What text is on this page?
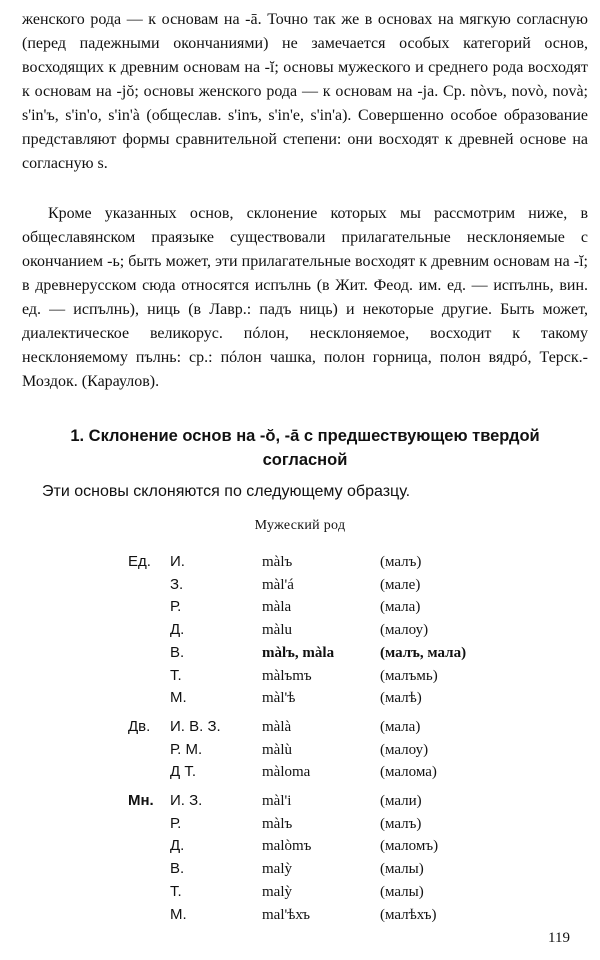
женского рода — к основам на -ā. Точно так же в основах на мягкую согласную (перед падежными окончаниями) не замечается особых категорий основ, восходящих к древним основам на -ĭ; основы мужеского и среднего рода восходят к основам на -jŏ; основы женского рода — к основам на -ја. Ср. nòvъ, novò, novà; s'in'ъ, s'in'o, s'in'à (общеслав. s'inъ, s'in'e, s'in'a). Совершенно особое образование представляют формы сравнительной степени: они восходят к древней основе на согласную s.

Кроме указанных основ, склонение которых мы рассмотрим ниже, в общеславянском праязыке существовали прилагательные несклоняемые с окончанием -ь; быть может, эти прилагательные восходят к древним основам на -ĭ; в древнерусском сюда относятся испълнь (в Жит. Феод. им. ед. — испълнь, вин. ед. — испълнь), ниць (в Лавр.: падъ ниць) и некоторые другие. Быть может, диалектическое великорус. пóлон, несклоняемое, восходит к такому несклоняемому пълнь: ср.: пóлон чашка, полон горница, полон вядрó, Терск.-Моздок. (Караулов).

1. Склонение основ на -ŏ, -ā с предшествующею твердой согласной

Эти основы склоняются по следующему образцу.

Мужеский род

Ед. И.	màlъ	(малъ)
З.	màl'á	(мале)
Р.	màla	(мала)
Д.	màlu	(малоу)
В.	màlъ, màla	(малъ, мала)
Т.	màlъmъ	(малъмь)
М.	màl'ѣ	(малѣ)
Дв. И. В. З.	màlà	(мала)
Р. М.	màlù	(малоу)
Д Т.	màloma	(малома)
Мн. И. З.	màl'i	(мали)
Р.	màlъ	(малъ)
Д.	malòmъ	(маломъ)
В.	malỳ	(малы)
Т.	malỳ	(малы)
М.	mal'ѣхъ	(малѣхъ)

119
